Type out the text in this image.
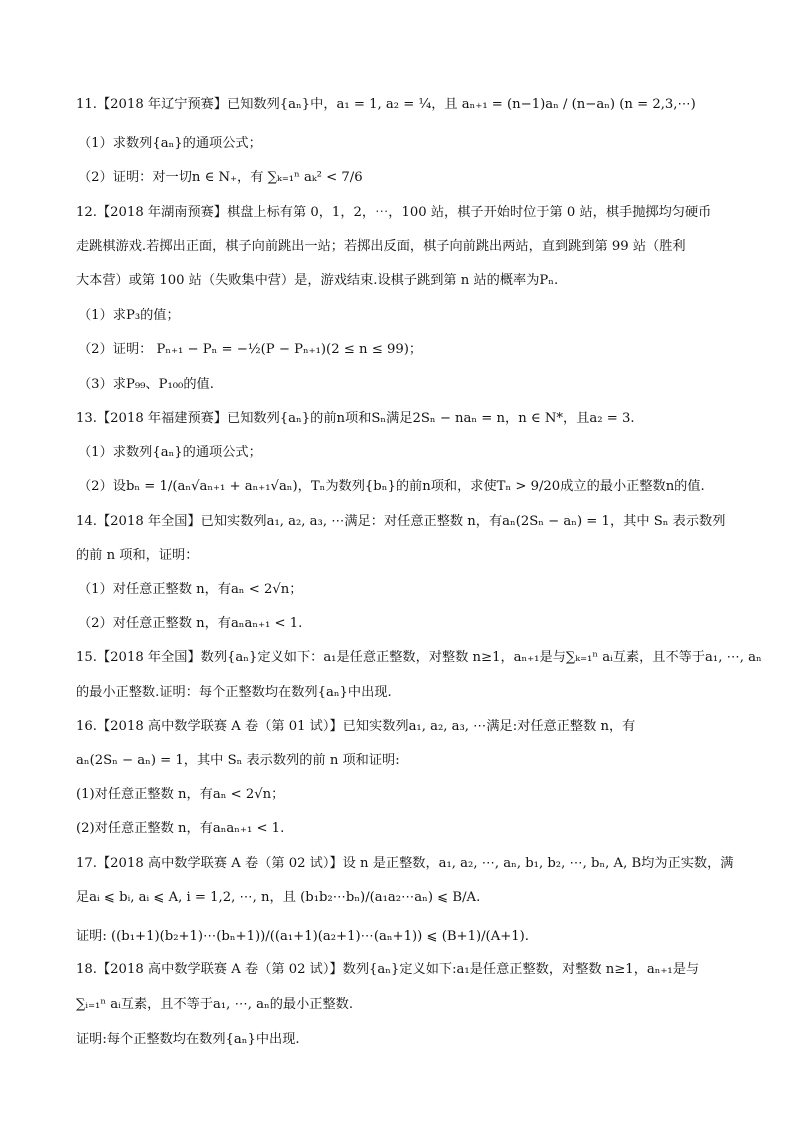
11.【2018 年辽宁预赛】已知数列{aₙ}中，a₁ = 1, a₂ = ¹⁄₄，且 aₙ₊₁ = (n−1)aₙ / (n−aₙ) (n = 2,3,⋯)
（1）求数列{aₙ}的通项公式；
（2）证明：对一切n ∈ N₊，有 ∑ₖ₌₁ⁿ aₖ² < 7/6
12.【2018 年湖南预赛】棋盘上标有第 0，1，2，⋯，100 站，棋子开始时位于第 0 站，棋手抛掷均匀硬币
走跳棋游戏.若掷出正面，棋子向前跳出一站；若掷出反面，棋子向前跳出两站，直到跳到第 99 站（胜利
大本营）或第 100 站（失败集中营）是，游戏结束.设棋子跳到第 n 站的概率为Pₙ.
（1）求P₃的值；
（2）证明： Pₙ₊₁ − Pₙ = −½(P − Pₙ₊₁)(2 ≤ n ≤ 99)；
（3）求P₉₉、P₁₀₀的值.
13.【2018 年福建预赛】已知数列{aₙ}的前n项和Sₙ满足2Sₙ − naₙ = n，n ∈ N*，且a₂ = 3.
（1）求数列{aₙ}的通项公式；
（2）设bₙ = 1/(aₙ√aₙ₊₁ + aₙ₊₁√aₙ)，Tₙ为数列{bₙ}的前n项和，求使Tₙ > 9/20成立的最小正整数n的值.
14.【2018 年全国】已知实数列a₁, a₂, a₃, ⋯满足：对任意正整数 n，有aₙ(2Sₙ − aₙ) = 1，其中 Sₙ 表示数列
的前 n 项和，证明：
（1）对任意正整数 n，有aₙ < 2√n；
（2）对任意正整数 n，有aₙaₙ₊₁ < 1.
15.【2018 年全国】数列{aₙ}定义如下：a₁是任意正整数，对整数 n≥1，aₙ₊₁是与∑ₖ₌₁ⁿ aᵢ互素，且不等于a₁, ⋯, aₙ
的最小正整数.证明：每个正整数均在数列{aₙ}中出现.
16.【2018 高中数学联赛 A 卷（第 01 试）】已知实数列a₁, a₂, a₃, ⋯满足:对任意正整数 n，有
aₙ(2Sₙ − aₙ) = 1，其中 Sₙ 表示数列的前 n 项和证明:
(1)对任意正整数 n，有aₙ < 2√n；
(2)对任意正整数 n，有aₙaₙ₊₁ < 1.
17.【2018 高中数学联赛 A 卷（第 02 试）】设 n 是正整数，a₁, a₂, ⋯, aₙ, b₁, b₂, ⋯, bₙ, A, B均为正实数，满
足aᵢ ⩽ bᵢ, aᵢ ⩽ A, i = 1,2, ⋯, n，且 (b₁b₂⋯bₙ)/(a₁a₂⋯aₙ) ⩽ B/A.
证明: ((b₁+1)(b₂+1)⋯(bₙ+1))/((a₁+1)(a₂+1)⋯(aₙ+1)) ⩽ (B+1)/(A+1).
18.【2018 高中数学联赛 A 卷（第 02 试）】数列{aₙ}定义如下:a₁是任意正整数，对整数 n≥1，aₙ₊₁是与
∑ᵢ₌₁ⁿ aᵢ互素，且不等于a₁, ⋯, aₙ的最小正整数.
证明:每个正整数均在数列{aₙ}中出现.
